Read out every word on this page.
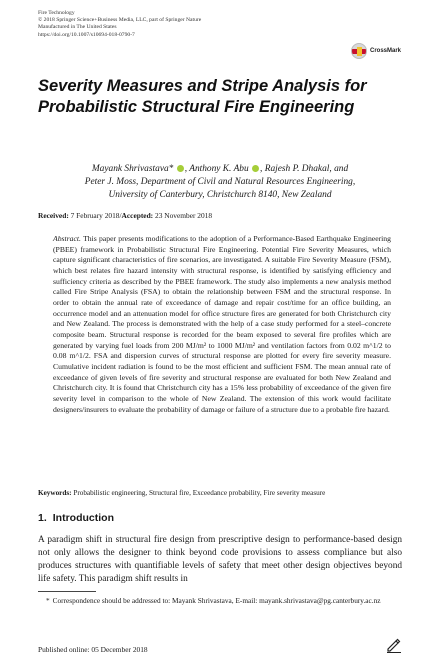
Fire Technology
© 2018 Springer Science+Business Media, LLC, part of Springer Nature
Manufactured in The United States
https://doi.org/10.1007/s10694-018-0790-7
CrossMark
Severity Measures and Stripe Analysis for Probabilistic Structural Fire Engineering
Mayank Shrivastava* , Anthony K. Abu , Rajesh P. Dhakal, and
Peter J. Moss, Department of Civil and Natural Resources Engineering,
University of Canterbury, Christchurch 8140, New Zealand
Received: 7 February 2018/Accepted: 23 November 2018
Abstract. This paper presents modifications to the adoption of a Performance-Based Earthquake Engineering (PBEE) framework in Probabilistic Structural Fire Engineering. Potential Fire Severity Measures, which capture significant characteristics of fire scenarios, are investigated. A suitable Fire Severity Measure (FSM), which best relates fire hazard intensity with structural response, is identified by satisfying efficiency and sufficiency criteria as described by the PBEE framework. The study also implements a new analysis method called Fire Stripe Analysis (FSA) to obtain the relationship between FSM and the structural response. In order to obtain the annual rate of exceedance of damage and repair cost/time for an office building, an occurrence model and an attenuation model for office structure fires are generated for both Christchurch city and New Zealand. The process is demonstrated with the help of a case study performed for a steel–concrete composite beam. Structural response is recorded for the beam exposed to several fire profiles which are generated by varying fuel loads from 200 MJ/m² to 1000 MJ/m² and ventilation factors from 0.02 m^1/2 to 0.08 m^1/2. FSA and dispersion curves of structural response are plotted for every fire severity measure. Cumulative incident radiation is found to be the most efficient and sufficient FSM. The mean annual rate of exceedance of given levels of fire severity and structural response are evaluated for both New Zealand and Christchurch city. It is found that Christchurch city has a 15% less probability of exceedance of the given fire severity level in comparison to the whole of New Zealand. The extension of this work would facilitate designers/insurers to evaluate the probability of damage or failure of a structure due to a probable fire hazard.
Keywords: Probabilistic engineering, Structural fire, Exceedance probability, Fire severity measure
1. Introduction
A paradigm shift in structural fire design from prescriptive design to performance-based design not only allows the designer to think beyond code provisions to assess compliance but also produces structures with quantifiable levels of safety that meet other design objectives beyond life safety. This paradigm shift results in
* Correspondence should be addressed to: Mayank Shrivastava, E-mail: mayank.shrivastava@pg.canterbury.ac.nz
Published online: 05 December 2018
